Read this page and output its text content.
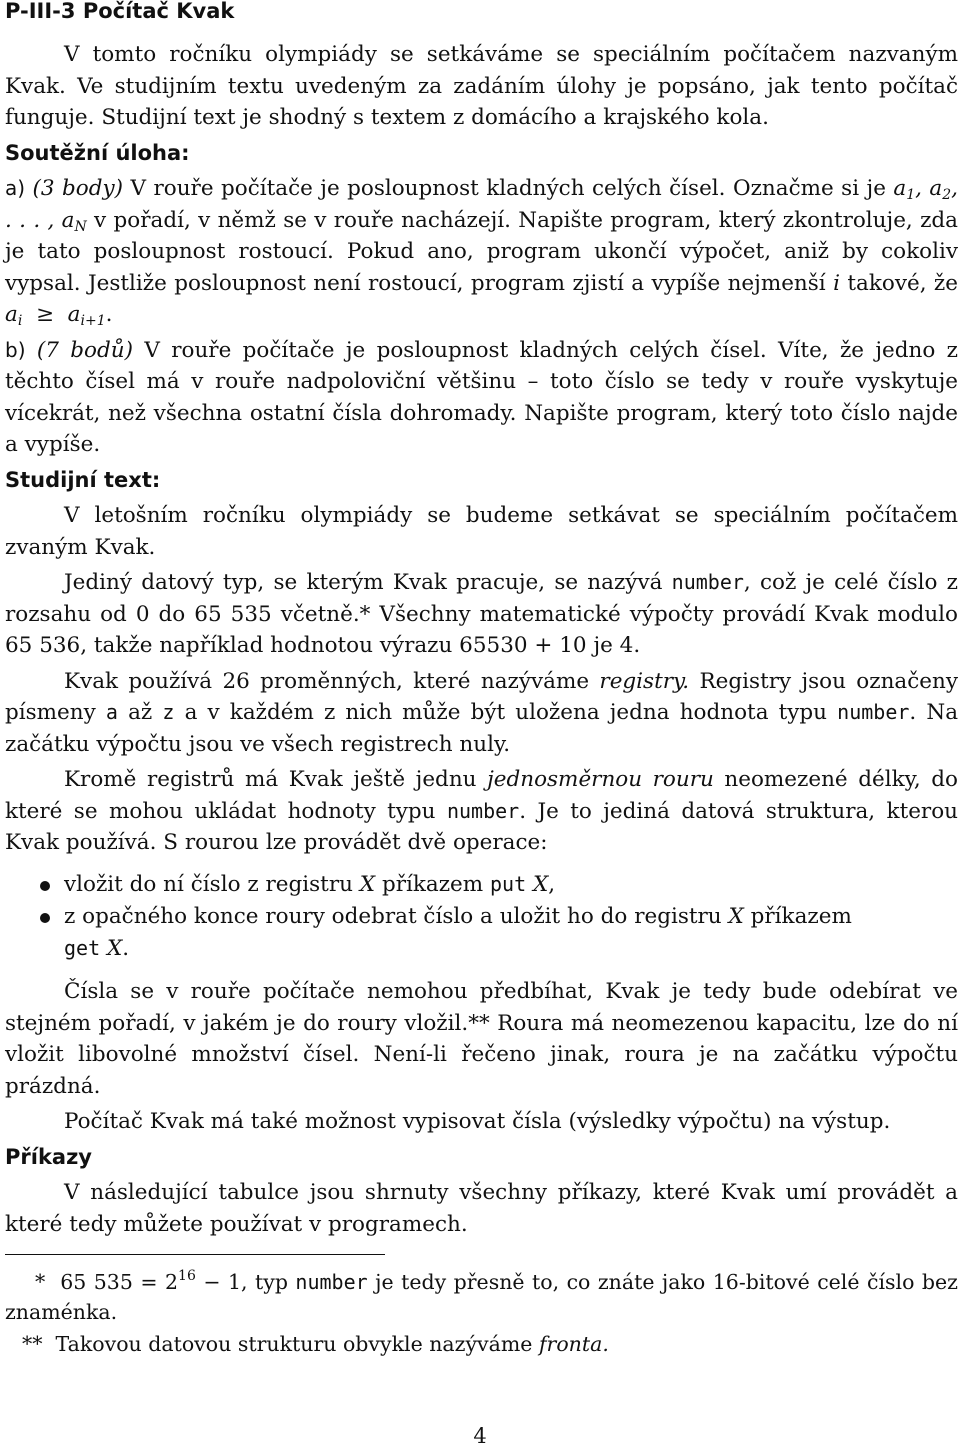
P-III-3 Počítač Kvak

V tomto ročníku olympiády se setkáváme se speciálním počítačem nazvaným Kvak. Ve studijním textu uvedeným za zadáním úlohy je popsáno, jak tento počítač funguje. Studijní text je shodný s textem z domácího a krajského kola.

Soutěžní úloha:

a) (3 body) V rouře počítače je posloupnost kladných celých čísel. Označme si je $a_1$, $a_2$, . . . , $a_N$ v pořadí, v němž se v rouře nacházejí. Napište program, který zkontroluje, zda je tato posloupnost rostoucí. Pokud ano, program ukončí výpočet, aniž by cokoliv vypsal. Jestliže posloupnost není rostoucí, program zjistí a vypíše nejmenší i takové, že $a_i \ge a_{i+1}$.

b) (7 bodů) V rouře počítače je posloupnost kladných celých čísel. Víte, že jedno z těchto čísel má v rouře nadpoloviční většinu – toto číslo se tedy v rouře vyskytuje vícekrát, než všechna ostatní čísla dohromady. Napište program, který toto číslo najde a vypíše.

Studijní text:

V letošním ročníku olympiády se budeme setkávat se speciálním počítačem zvaným Kvak.

Jediný datový typ, se kterým Kvak pracuje, se nazývá number, což je celé číslo z rozsahu od 0 do 65 535 včetně.* Všechny matematické výpočty provádí Kvak modulo 65 536, takže například hodnotou výrazu 65530 + 10 je 4.

Kvak používá 26 proměnných, které nazýváme registry. Registry jsou označeny písmeny a až z a v každém z nich může být uložena jedna hodnota typu number. Na začátku výpočtu jsou ve všech registrech nuly.

Kromě registrů má Kvak ještě jednu jednosměrnou rouru neomezené délky, do které se mohou ukládat hodnoty typu number. Je to jediná datová struktura, kterou Kvak používá. S rourou lze provádět dvě operace:

vložit do ní číslo z registru X příkazem put X,
z opačného konce roury odebrat číslo a uložit ho do registru X příkazem
get X.

Čísla se v rouře počítače nemohou předbíhat, Kvak je tedy bude odebírat ve stejném pořadí, v jakém je do roury vložil.** Roura má neomezenou kapacitu, lze do ní vložit libovolné množství čísel. Není-li řečeno jinak, roura je na začátku výpočtu prázdná.

Počítač Kvak má také možnost vypisovat čísla (výsledky výpočtu) na výstup.

Příkazy

V následující tabulce jsou shrnuty všechny příkazy, které Kvak umí provádět a které tedy můžete používat v programech.

* 65 $535 = 2^{16} - 1$, typ number je tedy přesně to, co znáte jako 16-bitové celé číslo bez znaménka.

** Takovou datovou strukturu obvykle nazýváme fronta.

4
